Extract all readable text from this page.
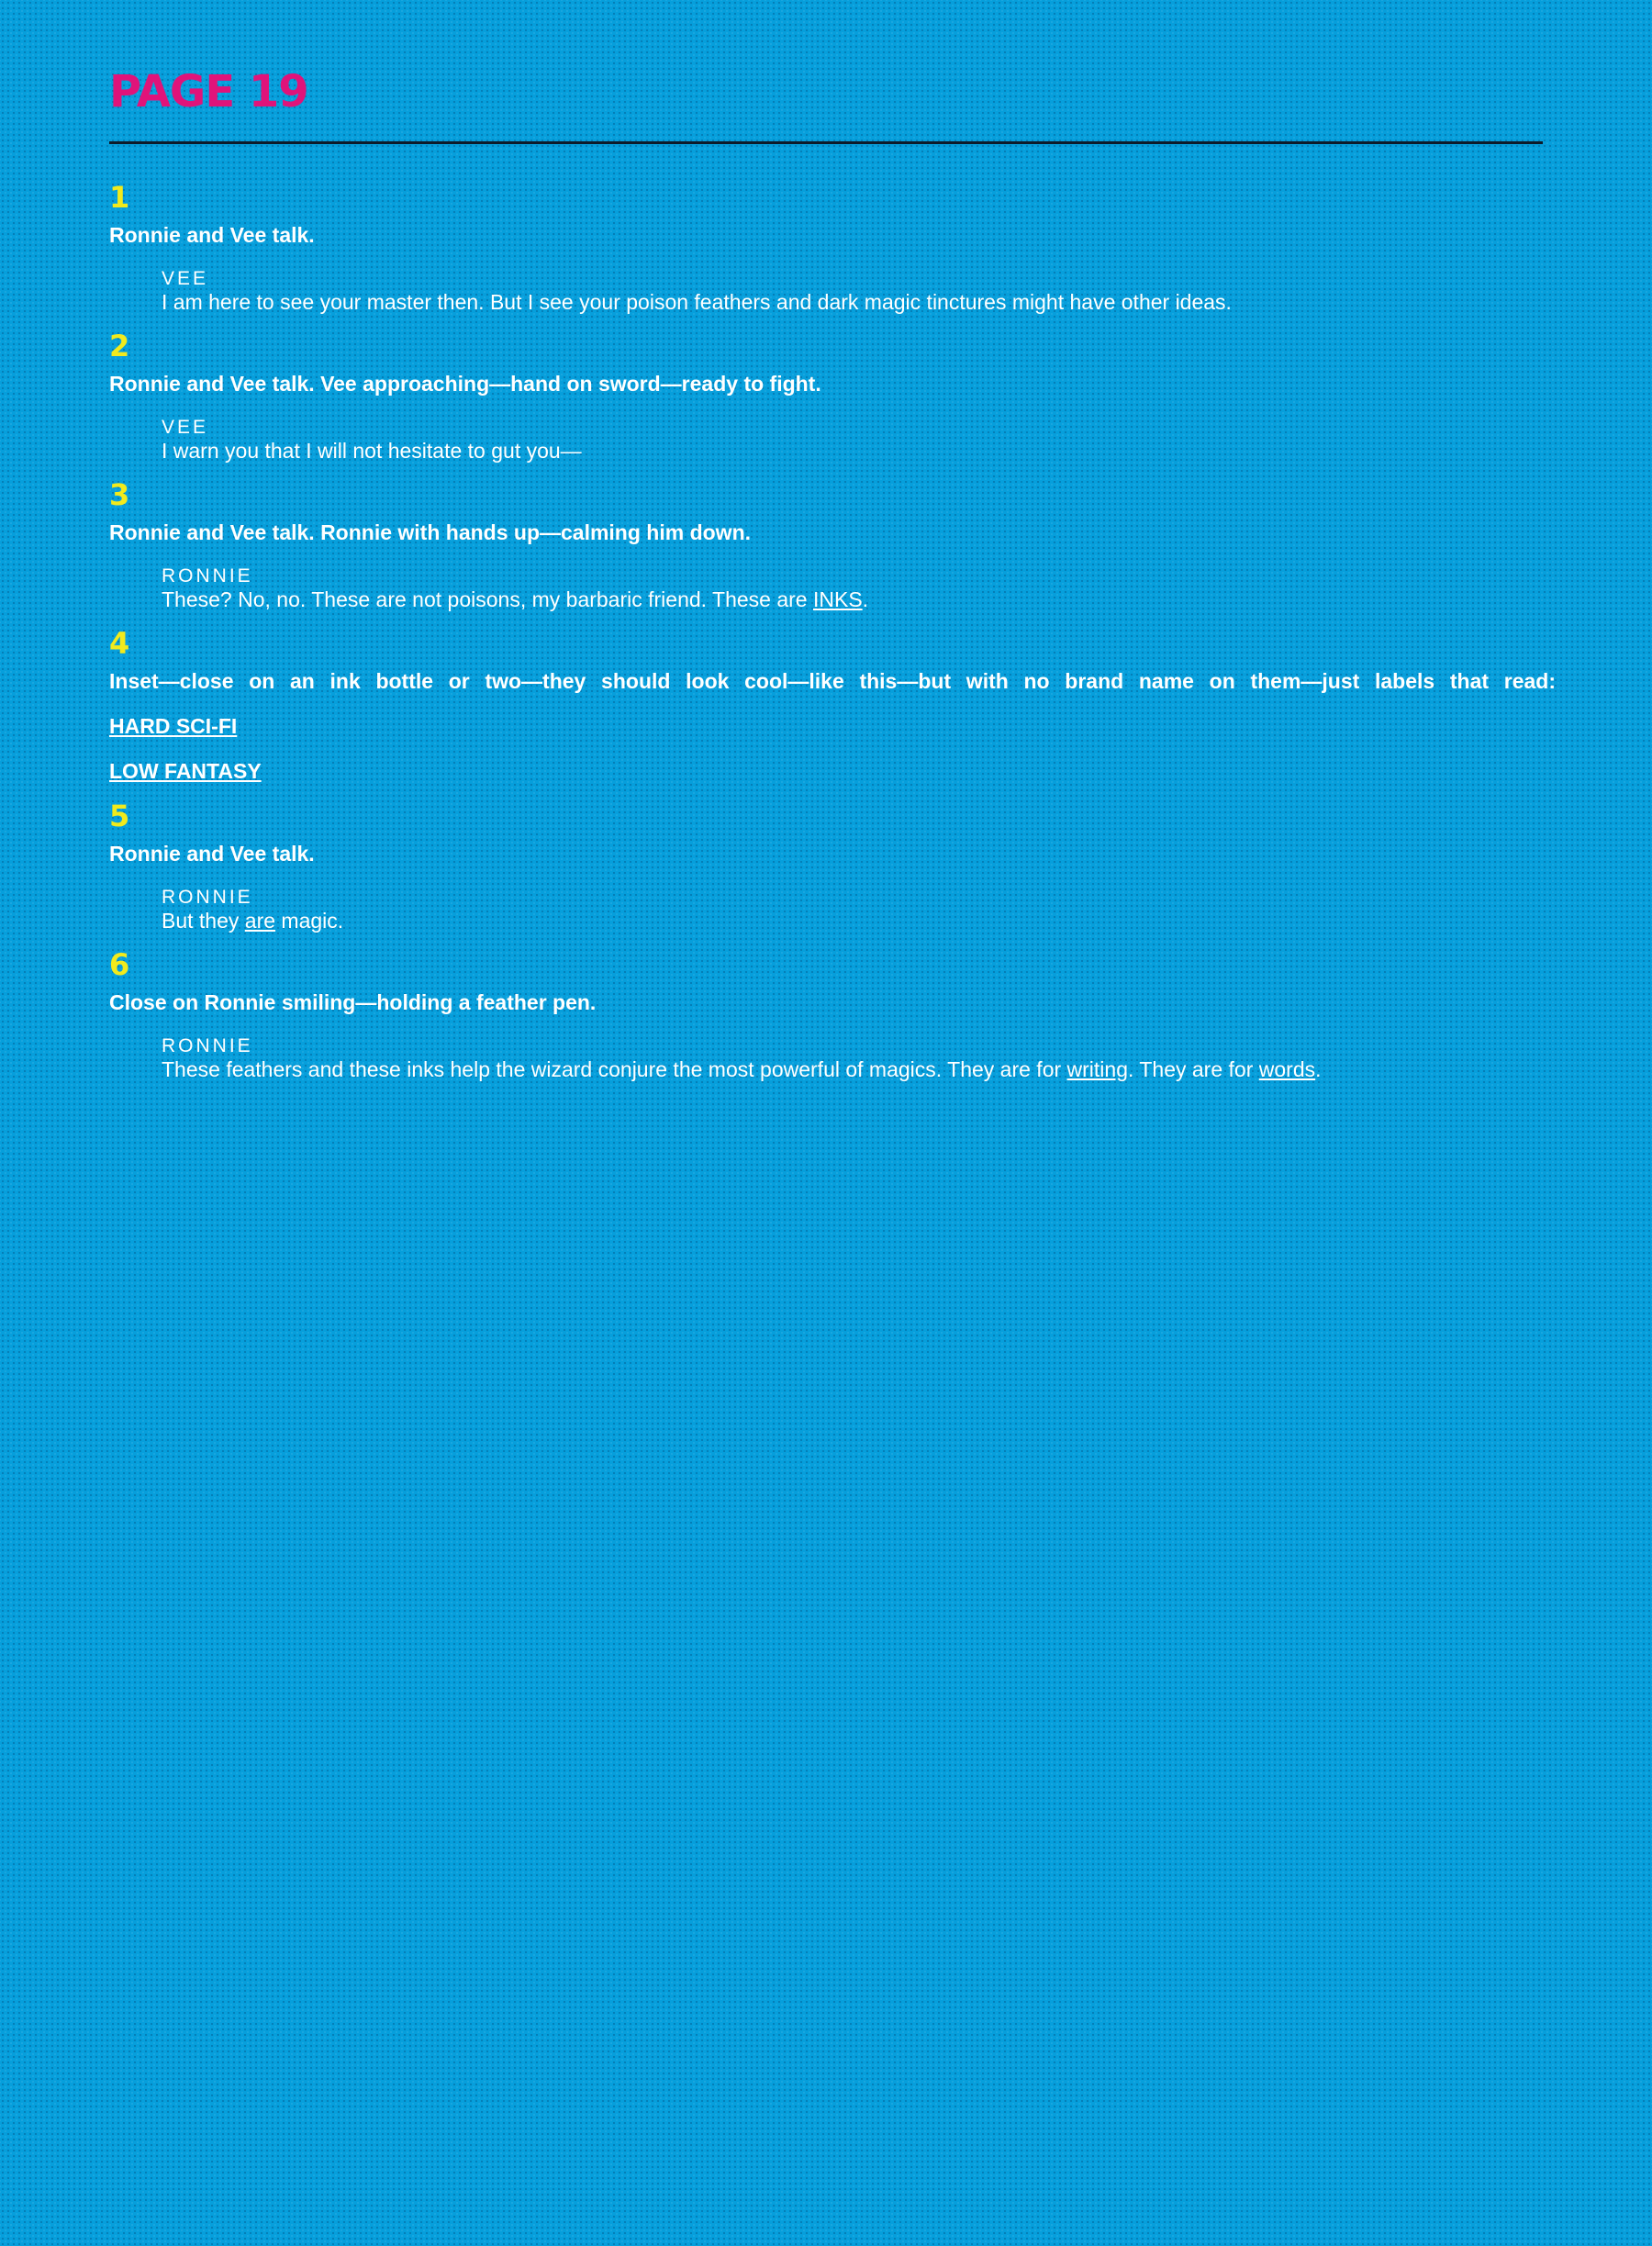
PAGE 19
1
Ronnie and Vee talk.
VEE
I am here to see your master then. But I see your poison feathers and dark magic tinctures might have other ideas.
2
Ronnie and Vee talk. Vee approaching—hand on sword—ready to fight.
VEE
I warn you that I will not hesitate to gut you—
3
Ronnie and Vee talk. Ronnie with hands up—calming him down.
RONNIE
These? No, no. These are not poisons, my barbaric friend. These are INKS.
4
Inset—close on an ink bottle or two—they should look cool—like this—but with no brand name on them—just labels that read:
HARD SCI-FI
LOW FANTASY
5
Ronnie and Vee talk.
RONNIE
But they are magic.
6
Close on Ronnie smiling—holding a feather pen.
RONNIE
These feathers and these inks help the wizard conjure the most powerful of magics. They are for writing. They are for words.
